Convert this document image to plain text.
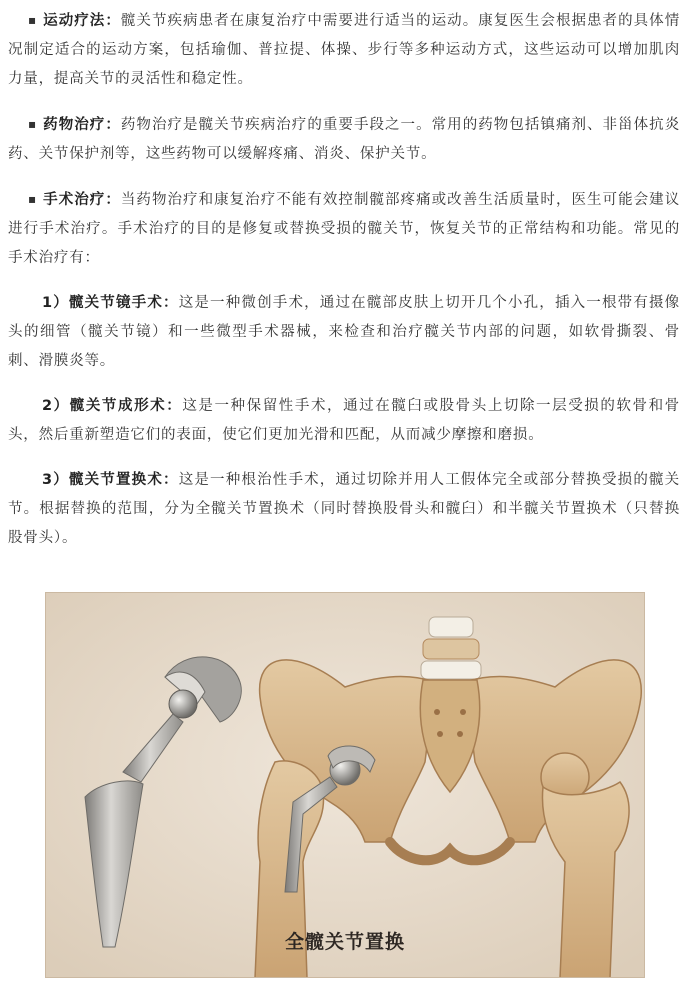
▪ 运动疗法：髋关节疾病患者在康复治疗中需要进行适当的运动。康复医生会根据患者的具体情况制定适合的运动方案，包括瑜伽、普拉提、体操、步行等多种运动方式，这些运动可以增加肌肉力量，提高关节的灵活性和稳定性。

▪ 药物治疗：药物治疗是髋关节疾病治疗的重要手段之一。常用的药物包括镇痛剂、非甾体抗炎药、关节保护剂等，这些药物可以缓解疼痛、消炎、保护关节。

▪ 手术治疗：当药物治疗和康复治疗不能有效控制髋部疼痛或改善生活质量时，医生可能会建议进行手术治疗。手术治疗的目的是修复或替换受损的髋关节，恢复关节的正常结构和功能。常见的手术治疗有：

1）髋关节镜手术：这是一种微创手术，通过在髋部皮肤上切开几个小孔，插入一根带有摄像头的细管（髋关节镜）和一些微型手术器械，来检查和治疗髋关节内部的问题，如软骨撕裂、骨刺、滑膜炎等。

2）髋关节成形术：这是一种保留性手术，通过在髋臼或股骨头上切除一层受损的软骨和骨头，然后重新塑造它们的表面，使它们更加光滑和匹配，从而减少摩擦和磨损。

3）髋关节置换术：这是一种根治性手术，通过切除并用人工假体完全或部分替换受损的髋关节。根据替换的范围，分为全髋关节置换术（同时替换股骨头和髋臼）和半髋关节置换术（只替换股骨头）。

全髋关节置换
